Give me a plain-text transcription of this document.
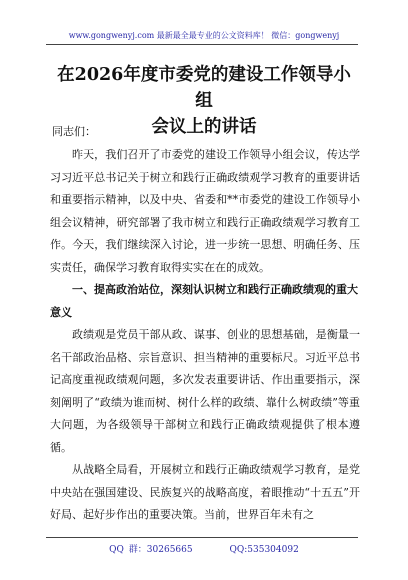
www.gongwenyj.com 最新最全最专业的公文资料库！ 微信：gongwenyj
在2026年度市委党的建设工作领导小组
会议上的讲话
同志们：

昨天，我们召开了市委党的建设工作领导小组会议，传达学习习近平总书记关于树立和践行正确政绩观学习教育的重要讲话和重要指示精神，以及中央、省委和**市委党的建设工作领导小组会议精神，研究部署了我市树立和践行正确政绩观学习教育工作。今天，我们继续深入讨论，进一步统一思想、明确任务、压实责任，确保学习教育取得实实在在的成效。

一、提高政治站位，深刻认识树立和践行正确政绩观的重大意义

政绩观是党员干部从政、谋事、创业的思想基础，是衡量一名干部政治品格、宗旨意识、担当精神的重要标尺。习近平总书记高度重视政绩观问题，多次发表重要讲话、作出重要指示，深刻阐明了“政绩为谁而树、树什么样的政绩、靠什么树政绩”等重大问题，为各级领导干部树立和践行正确政绩观提供了根本遵循。

从战略全局看，开展树立和践行正确政绩观学习教育，是党中央站在强国建设、民族复兴的战略高度，着眼推动“十五五”开好局、起好步作出的重要决策。当前，世界百年未有之

QQ 群：30265665	QQ:535304092
